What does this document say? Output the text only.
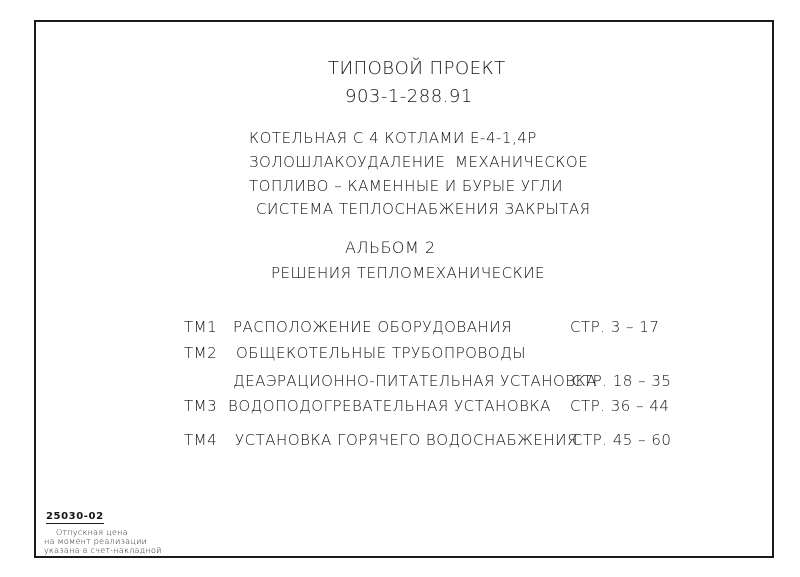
ТИПОВОЙ ПРОЕКТ
903-1-288.91
КОТЕЛЬНАЯ С 4 КОТЛАМИ Е-4-1,4Р
ЗОЛОШЛАКОУДАЛЕНИЕ МЕХАНИЧЕСКОЕ
ТОПЛИВО – КАМЕННЫЕ И БУРЫЕ УГЛИ
СИСТЕМА ТЕПЛОСНАБЖЕНИЯ ЗАКРЫТАЯ
АЛЬБОМ 2
РЕШЕНИЯ ТЕПЛОМЕХАНИЧЕСКИЕ
ТМ1 РАСПОЛОЖЕНИЕ ОБОРУДОВАНИЯ	СТР. 3 – 17
ТМ2 ОБЩЕКОТЕЛЬНЫЕ ТРУБОПРОВОДЫ
ДЕАЭРАЦИОННО-ПИТАТЕЛЬНАЯ УСТАНОВКА
СТР. 18 – 35
ТМ3 ВОДОПОДОГРЕВАТЕЛЬНАЯ УСТАНОВКА СТР. 36 – 44
ТМ4 УСТАНОВКА ГОРЯЧЕГО ВОДОСНАБЖЕНИЯ
СТР. 45 – 60
25030-02
Отпускная цена
на момент реализации
указана в счет-накладной
